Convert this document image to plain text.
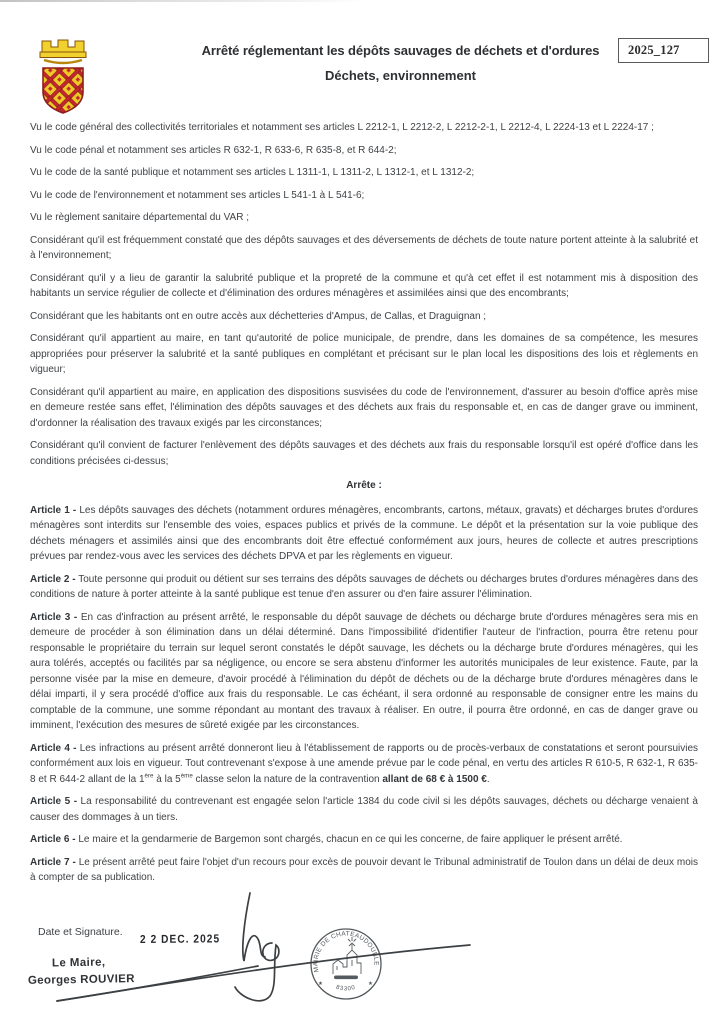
Arrêté réglementant les dépôts sauvages de déchets et d'ordures
Déchets, environnement
2025_127

Vu le code général des collectivités territoriales et notamment ses articles L 2212-1, L 2212-2, L 2212-2-1, L 2212-4, L 2224-13 et L 2224-17 ;

Vu le code pénal et notamment ses articles R 632-1, R 633-6, R 635-8, et R 644-2;

Vu le code de la santé publique et notamment ses articles L 1311-1, L 1311-2, L 1312-1, et L 1312-2;

Vu le code de l'environnement et notamment ses articles L 541-1 à L 541-6;

Vu le règlement sanitaire départemental du VAR ;

Considérant qu'il est fréquemment constaté que des dépôts sauvages et des déversements de déchets de toute nature portent atteinte à la salubrité et à l'environnement;

Considérant qu'il y a lieu de garantir la salubrité publique et la propreté de la commune et qu'à cet effet il est notamment mis à disposition des habitants un service régulier de collecte et d'élimination des ordures ménagères et assimilées ainsi que des encombrants;

Considérant que les habitants ont en outre accès aux déchetteries d'Ampus, de Callas, et Draguignan ;

Considérant qu'il appartient au maire, en tant qu'autorité de police municipale, de prendre, dans les domaines de sa compétence, les mesures appropriées pour préserver la salubrité et la santé publiques en complétant et précisant sur le plan local les dispositions des lois et règlements en vigueur;

Considérant qu'il appartient au maire, en application des dispositions susvisées du code de l'environnement, d'assurer au besoin d'office après mise en demeure restée sans effet, l'élimination des dépôts sauvages et des déchets aux frais du responsable et, en cas de danger grave ou imminent, d'ordonner la réalisation des travaux exigés par les circonstances;

Considérant qu'il convient de facturer l'enlèvement des dépôts sauvages et des déchets aux frais du responsable lorsqu'il est opéré d'office dans les conditions précisées ci-dessus;

Arrête :

Article 1 - Les dépôts sauvages des déchets (notamment ordures ménagères, encombrants, cartons, métaux, gravats) et décharges brutes d'ordures ménagères sont interdits sur l'ensemble des voies, espaces publics et privés de la commune. Le dépôt et la présentation sur la voie publique des déchets ménagers et assimilés ainsi que des encombrants doit être effectué conformément aux jours, heures de collecte et autres prescriptions prévues par rendez-vous avec les services des déchets DPVA et par les règlements en vigueur.

Article 2 - Toute personne qui produit ou détient sur ses terrains des dépôts sauvages de déchets ou décharges brutes d'ordures ménagères dans des conditions de nature à porter atteinte à la santé publique est tenue d'en assurer ou d'en faire assurer l'élimination.

Article 3 - En cas d'infraction au présent arrêté, le responsable du dépôt sauvage de déchets ou décharge brute d'ordures ménagères sera mis en demeure de procéder à son élimination dans un délai déterminé. Dans l'impossibilité d'identifier l'auteur de l'infraction, pourra être retenu pour responsable le propriétaire du terrain sur lequel seront constatés le dépôt sauvage, les déchets ou la décharge brute d'ordures ménagères, qui les aura tolérés, acceptés ou facilités par sa négligence, ou encore se sera abstenu d'informer les autorités municipales de leur existence. Faute, par la personne visée par la mise en demeure, d'avoir procédé à l'élimination du dépôt de déchets ou de la décharge brute d'ordures ménagères dans le délai imparti, il y sera procédé d'office aux frais du responsable. Le cas échéant, il sera ordonné au responsable de consigner entre les mains du comptable de la commune, une somme répondant au montant des travaux à réaliser. En outre, il pourra être ordonné, en cas de danger grave ou imminent, l'exécution des mesures de sûreté exigée par les circonstances.

Article 4 - Les infractions au présent arrêté donneront lieu à l'établissement de rapports ou de procès-verbaux de constatations et seront poursuivies conformément aux lois en vigueur. Tout contrevenant s'expose à une amende prévue par le code pénal, en vertu des articles R 610-5, R 632-1, R 635-8 et R 644-2 allant de la 1ère à la 5ème classe selon la nature de la contravention allant de 68 € à 1500 €.

Article 5 - La responsabilité du contrevenant est engagée selon l'article 1384 du code civil si les dépôts sauvages, déchets ou décharge venaient à causer des dommages à un tiers.

Article 6 - Le maire et la gendarmerie de Bargemon sont chargés, chacun en ce qui les concerne, de faire appliquer le présent arrêté.

Article 7 - Le présent arrêté peut faire l'objet d'un recours pour excès de pouvoir devant le Tribunal administratif de Toulon dans un délai de deux mois à compter de sa publication.

Date et Signature.
2 2 DEC. 2025
Le Maire,
Georges ROUVIER
MAIRIE DE CHATEAUDOUBLE
83300
★	★
